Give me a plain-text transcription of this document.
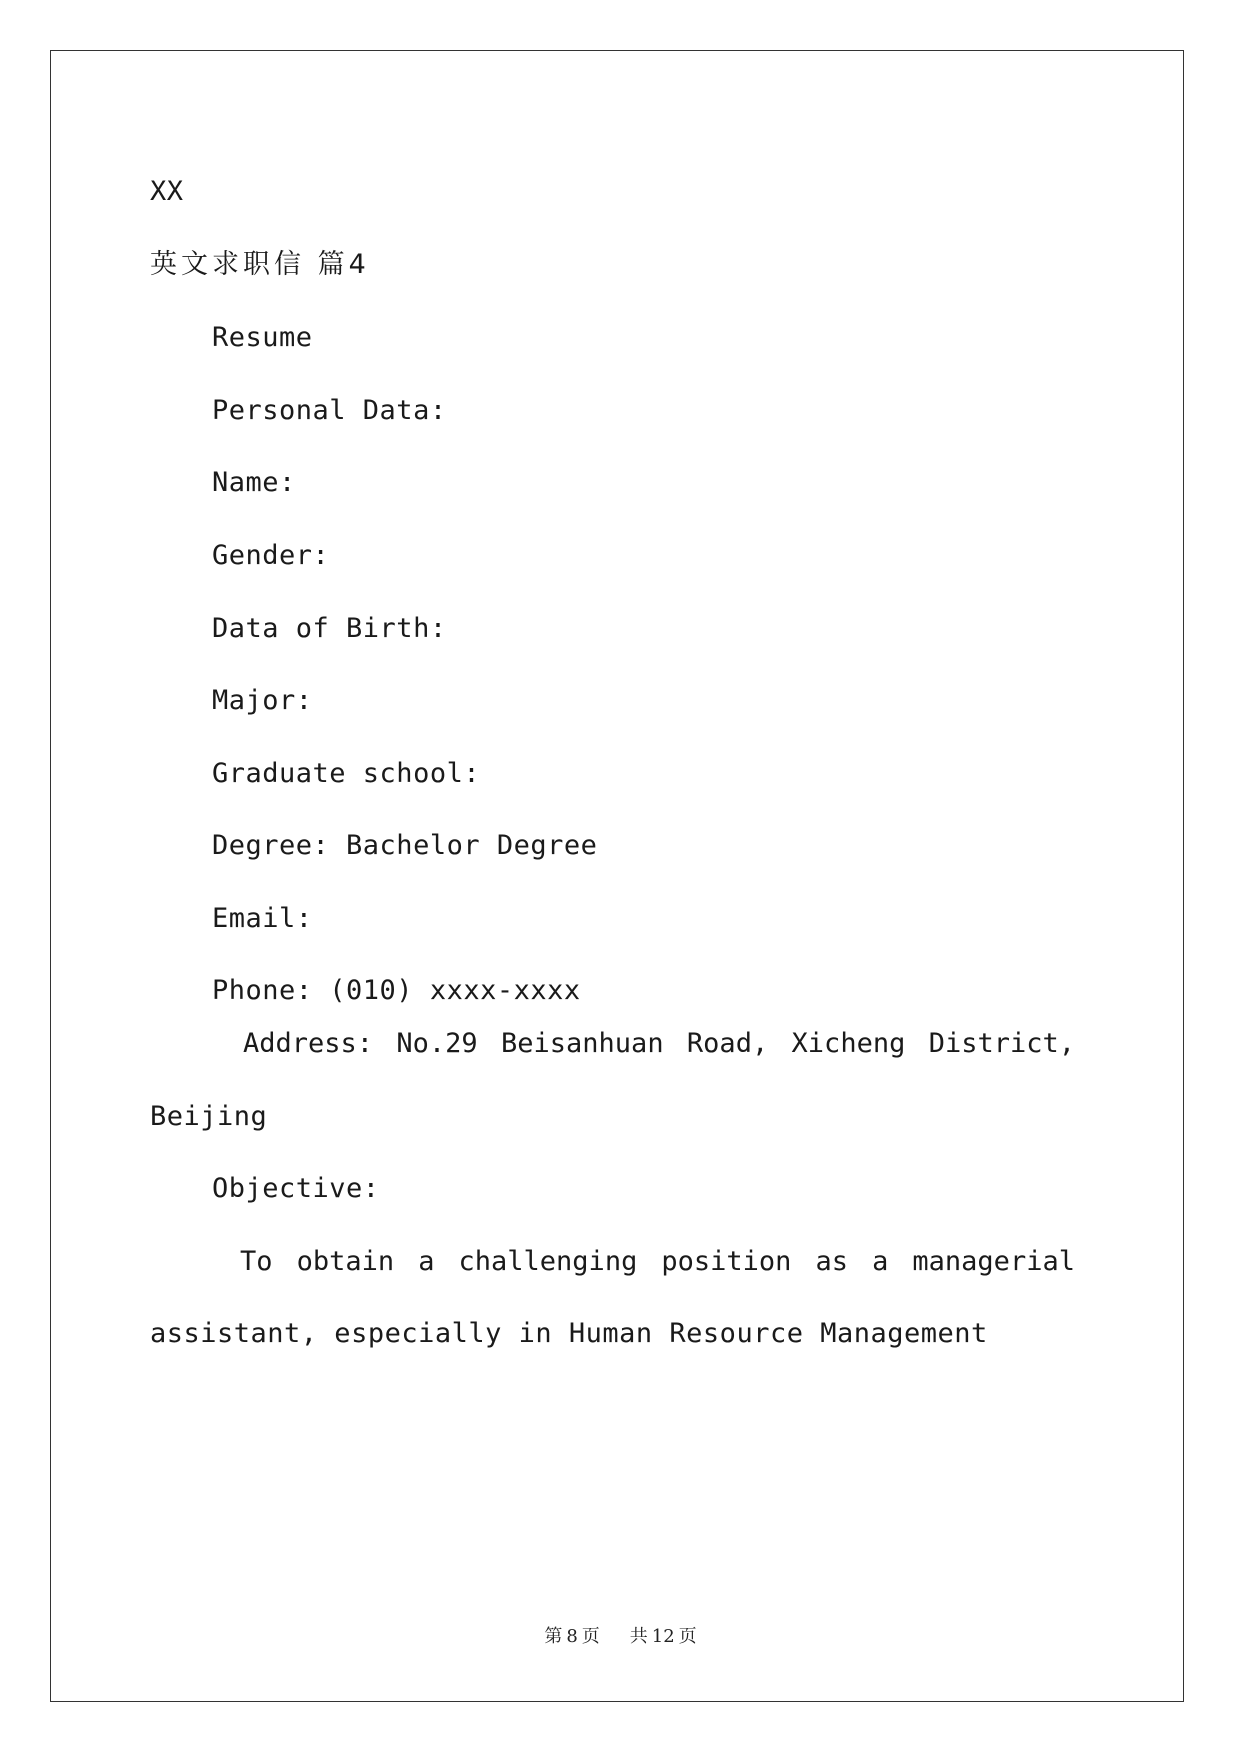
XX
英文求职信 篇4
Resume
Personal Data:
Name:
Gender:
Data of Birth:
Major:
Graduate school:
Degree: Bachelor Degree
Email:
Phone: (010) xxxx-xxxx
Address: No.29 Beisanhuan Road, Xicheng District,
Beijing
Objective:
To obtain a challenging position as a managerial
assistant, especially in Human Resource Management
第 8 页 共 12 页
